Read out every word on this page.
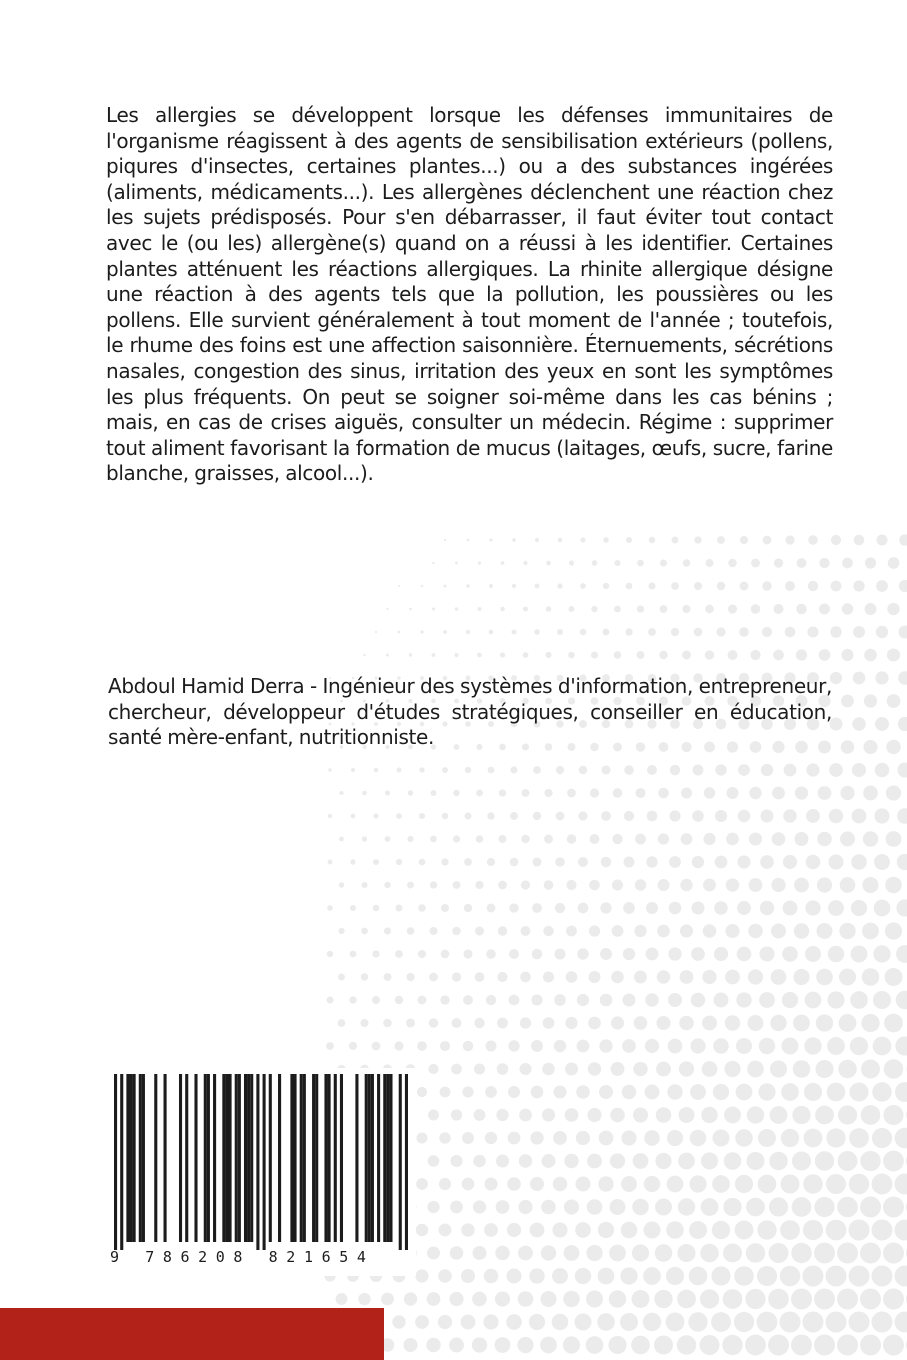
Les allergies se développent lorsque les défenses immunitaires de l'organisme réagissent à des agents de sensibilisation extérieurs (pollens, piqures d'insectes, certaines plantes...) ou a des substances ingérées (aliments, médicaments...). Les allergènes déclenchent une réaction chez les sujets prédisposés. Pour s'en débarrasser, il faut éviter tout contact avec le (ou les) allergène(s) quand on a réussi à les identifier. Certaines plantes atténuent les réactions allergiques. La rhinite allergique désigne une réaction à des agents tels que la pollution, les poussières ou les pollens. Elle survient généralement à tout moment de l'année ; toutefois, le rhume des foins est une affection saisonnière. Éternuements, sécrétions nasales, congestion des sinus, irritation des yeux en sont les symptômes les plus fréquents. On peut se soigner soi-même dans les cas bénins ; mais, en cas de crises aiguës, consulter un médecin. Régime : supprimer tout aliment favorisant la formation de mucus (laitages, œufs, sucre, farine blanche, graisses, alcool...).

Abdoul Hamid Derra - Ingénieur des systèmes d'information, entrepreneur, chercheur, développeur d'études stratégiques, conseiller en éducation, santé mère-enfant, nutritionniste.

9 786208 821654
